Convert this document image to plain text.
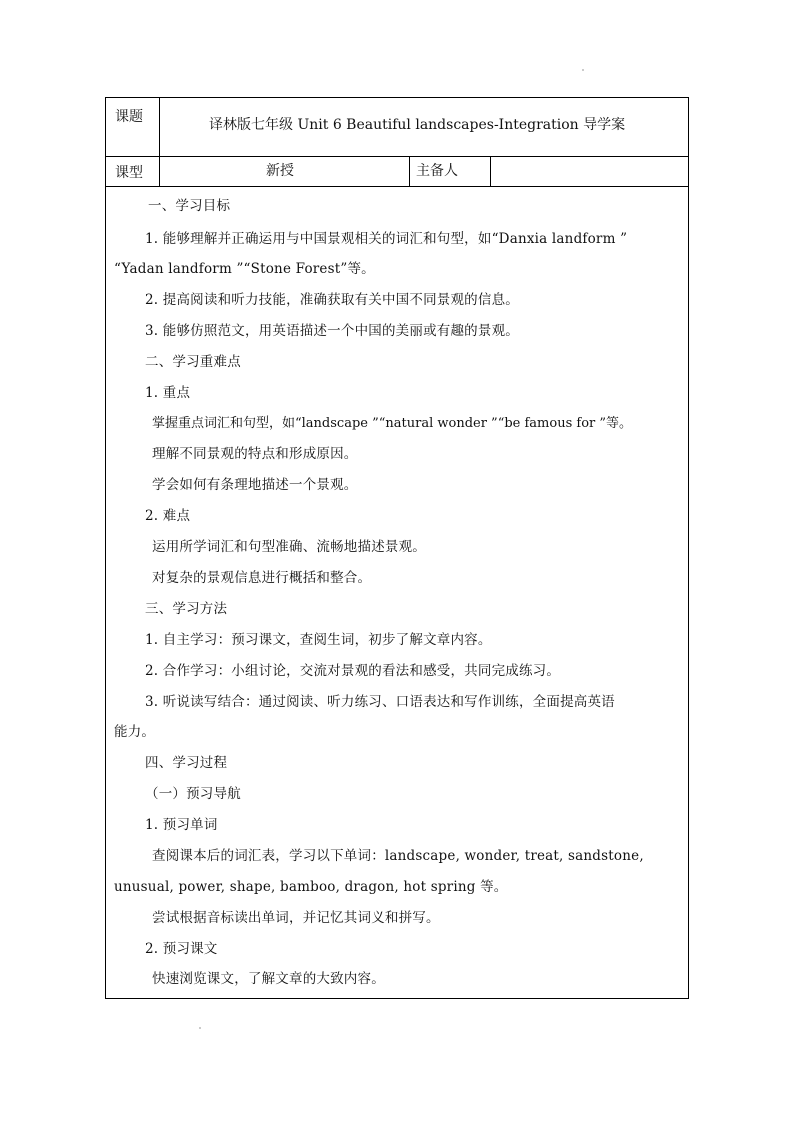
课题	译林版七年级 Unit 6 Beautiful landscapes-Integration 导学案
课型	新授	主备人
一、学习目标
1. 能够理解并正确运用与中国景观相关的词汇和句型，如“Danxia landform ”
“Yadan landform ”“Stone Forest”等。
2. 提高阅读和听力技能，准确获取有关中国不同景观的信息。
3. 能够仿照范文，用英语描述一个中国的美丽或有趣的景观。
二、学习重难点
1. 重点
掌握重点词汇和句型，如“landscape ”“natural wonder ”“be famous for ”等。
理解不同景观的特点和形成原因。
学会如何有条理地描述一个景观。
2. 难点
运用所学词汇和句型准确、流畅地描述景观。
对复杂的景观信息进行概括和整合。
三、学习方法
1. 自主学习：预习课文，查阅生词，初步了解文章内容。
2. 合作学习：小组讨论，交流对景观的看法和感受，共同完成练习。
3. 听说读写结合：通过阅读、听力练习、口语表达和写作训练，全面提高英语
能力。
四、学习过程
（一）预习导航
1. 预习单词
查阅课本后的词汇表，学习以下单词：landscape, wonder, treat, sandstone,
unusual, power, shape, bamboo, dragon, hot spring 等。
尝试根据音标读出单词，并记忆其词义和拼写。
2. 预习课文
快速浏览课文，了解文章的大致内容。
